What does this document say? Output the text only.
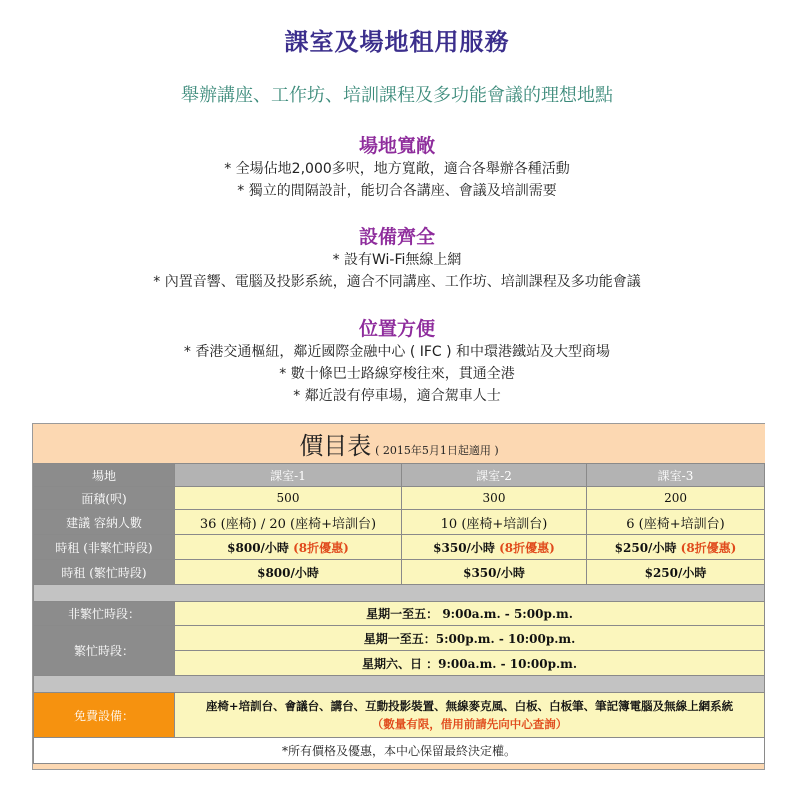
課室及場地租用服務
舉辦講座、工作坊、培訓課程及多功能會議的理想地點
場地寬敞
* 全場佔地2,000多呎，地方寬敞，適合各舉辦各種活動
* 獨立的間隔設計，能切合各講座、會議及培訓需要
設備齊全
* 設有Wi-Fi無線上網
* 內置音響、電腦及投影系統，適合不同講座、工作坊、培訓課程及多功能會議
位置方便
* 香港交通樞紐，鄰近國際金融中心 ( IFC ) 和中環港鐵站及大型商場
* 數十條巴士路線穿梭往來，貫通全港
* 鄰近設有停車場，適合駕車人士
價目表 ( 2015年5月1日起適用 )			
場地	課室-1	課室-2	課室-3
面積(呎)	500	300	200
建議 容納人數	36 (座椅) / 20 (座椅+培訓台)	10 (座椅+培訓台)	6 (座椅+培訓台)
時租 (非繁忙時段)	$800/小時 (8折優惠)	$350/小時 (8折優惠)	$250/小時 (8折優惠)
時租 (繁忙時段)	$800/小時	$350/小時	$250/小時

非繁忙時段：	星期一至五： 9:00a.m. - 5:00p.m.		
繁忙時段：	星期一至五：5:00p.m. - 10:00p.m.		
	星期六、日 ：9:00a.m. - 10:00p.m.		

免費設備：	座椅+培訓台、會議台、講台、互動投影裝置、無線麥克風、白板、白板筆、筆記簿電腦及無線上網系統
（數量有限，借用前請先向中心查詢）		

*所有價格及優惠，本中心保留最終決定權。			
